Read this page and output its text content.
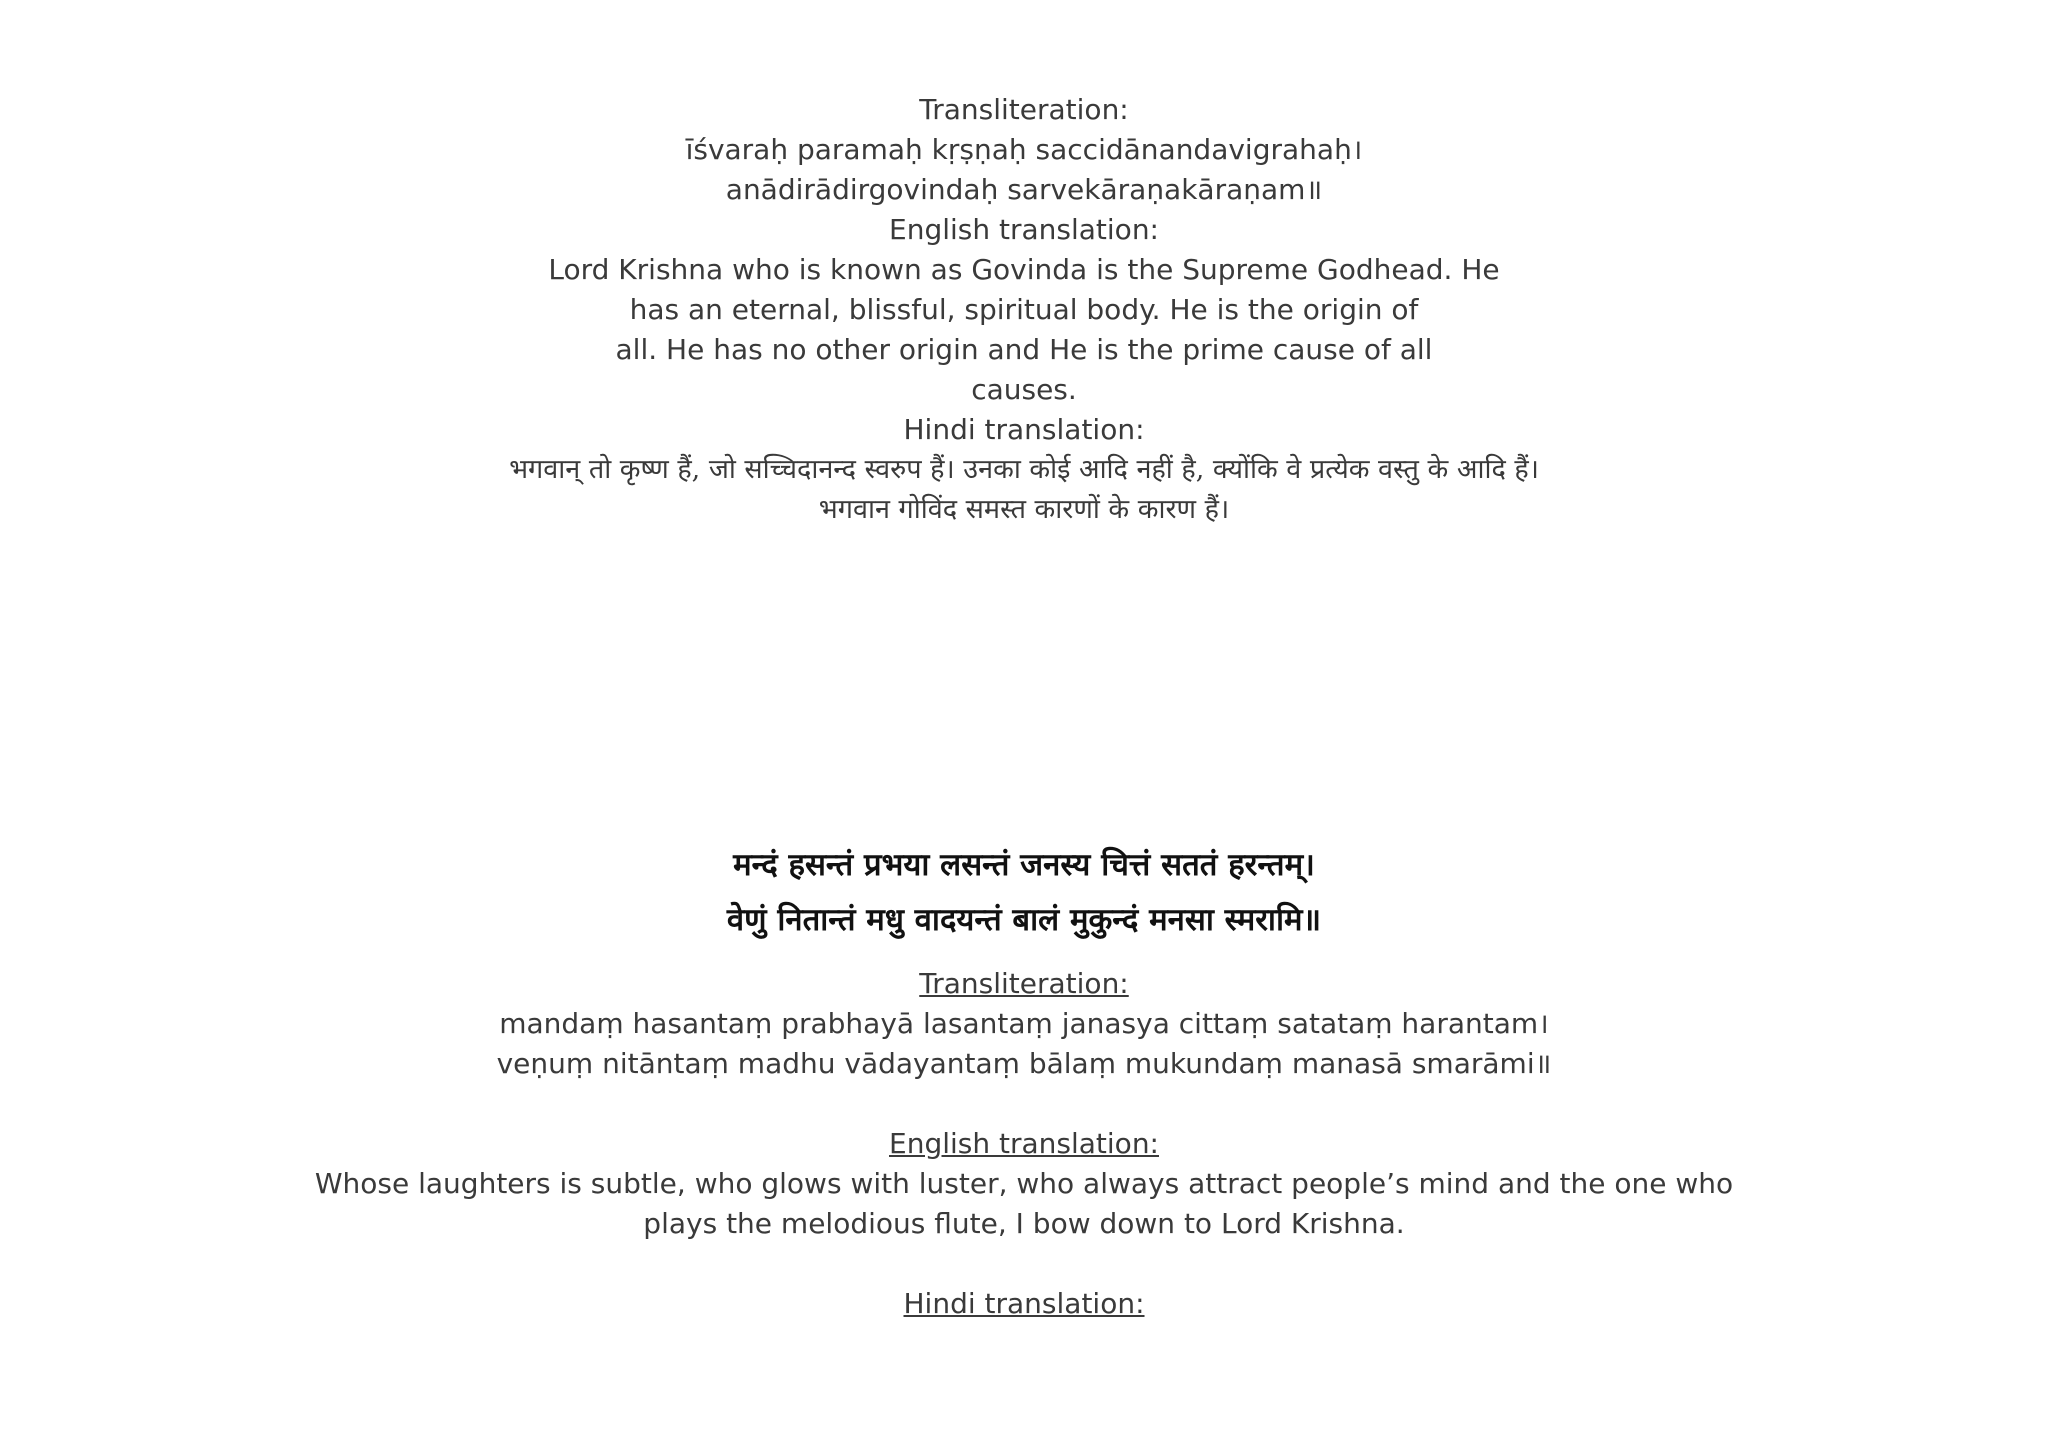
Transliteration:
īśvaraḥ paramaḥ kṛṣṇaḥ saccidānandavigrahaḥ।
anādirādirgovindaḥ sarvekāraṇakāraṇam॥
English translation:
Lord Krishna who is known as Govinda is the Supreme Godhead. He
has an eternal, blissful, spiritual body. He is the origin of
all. He has no other origin and He is the prime cause of all
causes.
Hindi translation:
भगवान् तो कृष्ण हैं, जो सच्चिदानन्द स्वरुप हैं। उनका कोई आदि नहीं है, क्योंकि वे प्रत्येक वस्तु के आदि हैं।
भगवान गोविंद समस्त कारणों के कारण हैं।
मन्दं हसन्तं प्रभया लसन्तं जनस्य चित्तं सततं हरन्तम्।
वेणुं नितान्तं मधु वादयन्तं बालं मुकुन्दं मनसा स्मरामि॥
Transliteration:
mandaṃ hasantaṃ prabhayā lasantaṃ janasya cittaṃ satataṃ harantam।
veṇuṃ nitāntaṃ madhu vādayantaṃ bālaṃ mukundaṃ manasā smarāmi॥
English translation:
Whose laughters is subtle, who glows with luster, who always attract people’s mind and the one who
plays the melodious flute, I bow down to Lord Krishna.
Hindi translation:
